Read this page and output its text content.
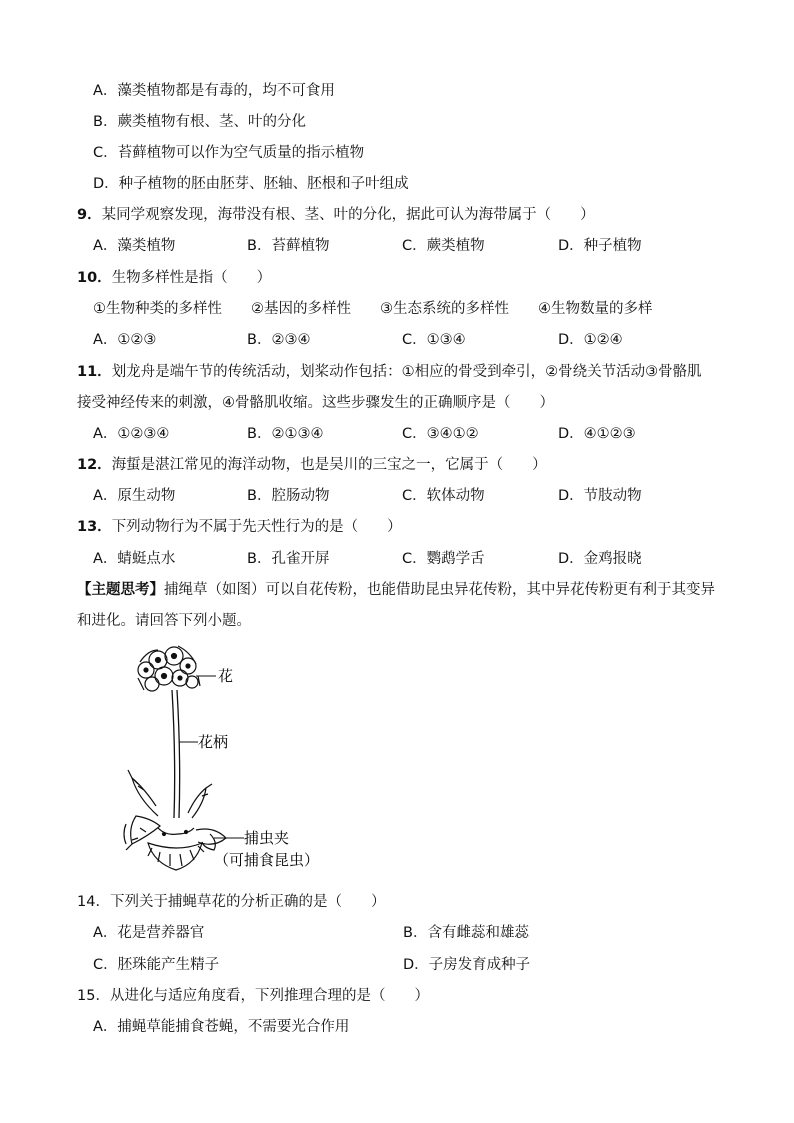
A．藻类植物都是有毒的，均不可食用
B．蕨类植物有根、茎、叶的分化
C．苔藓植物可以作为空气质量的指示植物
D．种子植物的胚由胚芽、胚轴、胚根和子叶组成
9．某同学观察发现，海带没有根、茎、叶的分化，据此可认为海带属于（　　）
A．藻类植物	B．苔藓植物	C．蕨类植物	D．种子植物
10．生物多样性是指（　　）
①生物种类的多样性　　②基因的多样性　　③生态系统的多样性　　④生物数量的多样
A．①②③	B．②③④	C．①③④	D．①②④
11．划龙舟是端午节的传统活动，划桨动作包括：①相应的骨受到牵引，②骨绕关节活动③骨骼肌
接受神经传来的刺激，④骨骼肌收缩。这些步骤发生的正确顺序是（　　）
A．①②③④	B．②①③④	C．③④①②	D．④①②③
12．海蜇是湛江常见的海洋动物，也是吴川的三宝之一，它属于（　　）
A．原生动物	B．腔肠动物	C．软体动物	D．节肢动物
13．下列动物行为不属于先天性行为的是（　　）
A．蜻蜓点水	B．孔雀开屏	C．鹦鹉学舌	D．金鸡报晓
【主题思考】捕绳草（如图）可以自花传粉，也能借助昆虫异花传粉，其中异花传粉更有利于其变异
和进化。请回答下列小题。
花
花柄
捕虫夹
（可捕食昆虫）
14．下列关于捕蝇草花的分析正确的是（　　）
A．花是营养器官	B．含有雌蕊和雄蕊
C．胚珠能产生精子	D．子房发育成种子
15．从进化与适应角度看，下列推理合理的是（　　）
A．捕蝇草能捕食苍蝇，不需要光合作用
